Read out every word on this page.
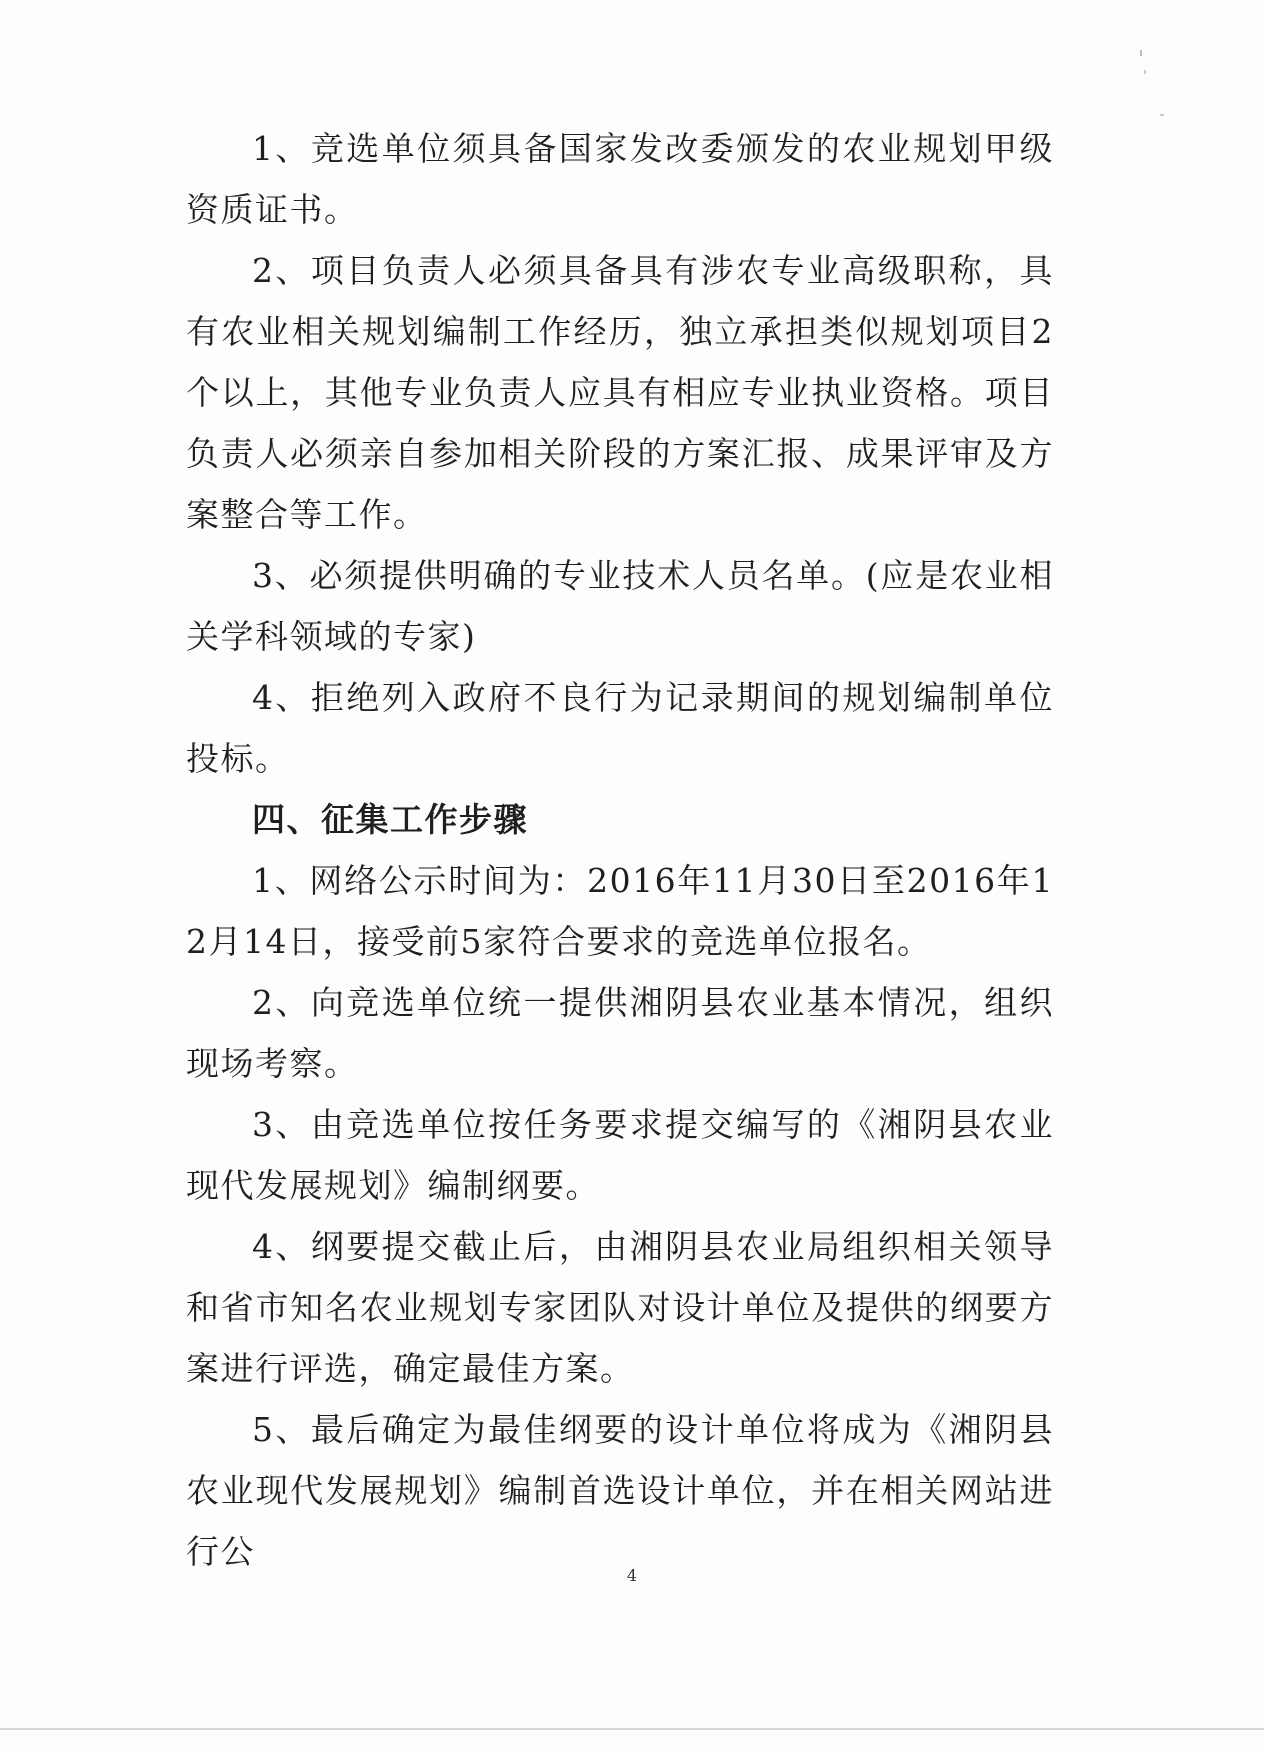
1、竞选单位须具备国家发改委颁发的农业规划甲级资质证书。

2、项目负责人必须具备具有涉农专业高级职称，具有农业相关规划编制工作经历，独立承担类似规划项目2个以上，其他专业负责人应具有相应专业执业资格。项目负责人必须亲自参加相关阶段的方案汇报、成果评审及方案整合等工作。

3、必须提供明确的专业技术人员名单。(应是农业相关学科领域的专家)

4、拒绝列入政府不良行为记录期间的规划编制单位投标。

四、征集工作步骤

1、网络公示时间为：2016年11月30日至2016年12月14日，接受前5家符合要求的竞选单位报名。

2、向竞选单位统一提供湘阴县农业基本情况，组织现场考察。

3、由竞选单位按任务要求提交编写的《湘阴县农业现代发展规划》编制纲要。

4、纲要提交截止后，由湘阴县农业局组织相关领导和省市知名农业规划专家团队对设计单位及提供的纲要方案进行评选，确定最佳方案。

5、最后确定为最佳纲要的设计单位将成为《湘阴县农业现代发展规划》编制首选设计单位，并在相关网站进行公

4
